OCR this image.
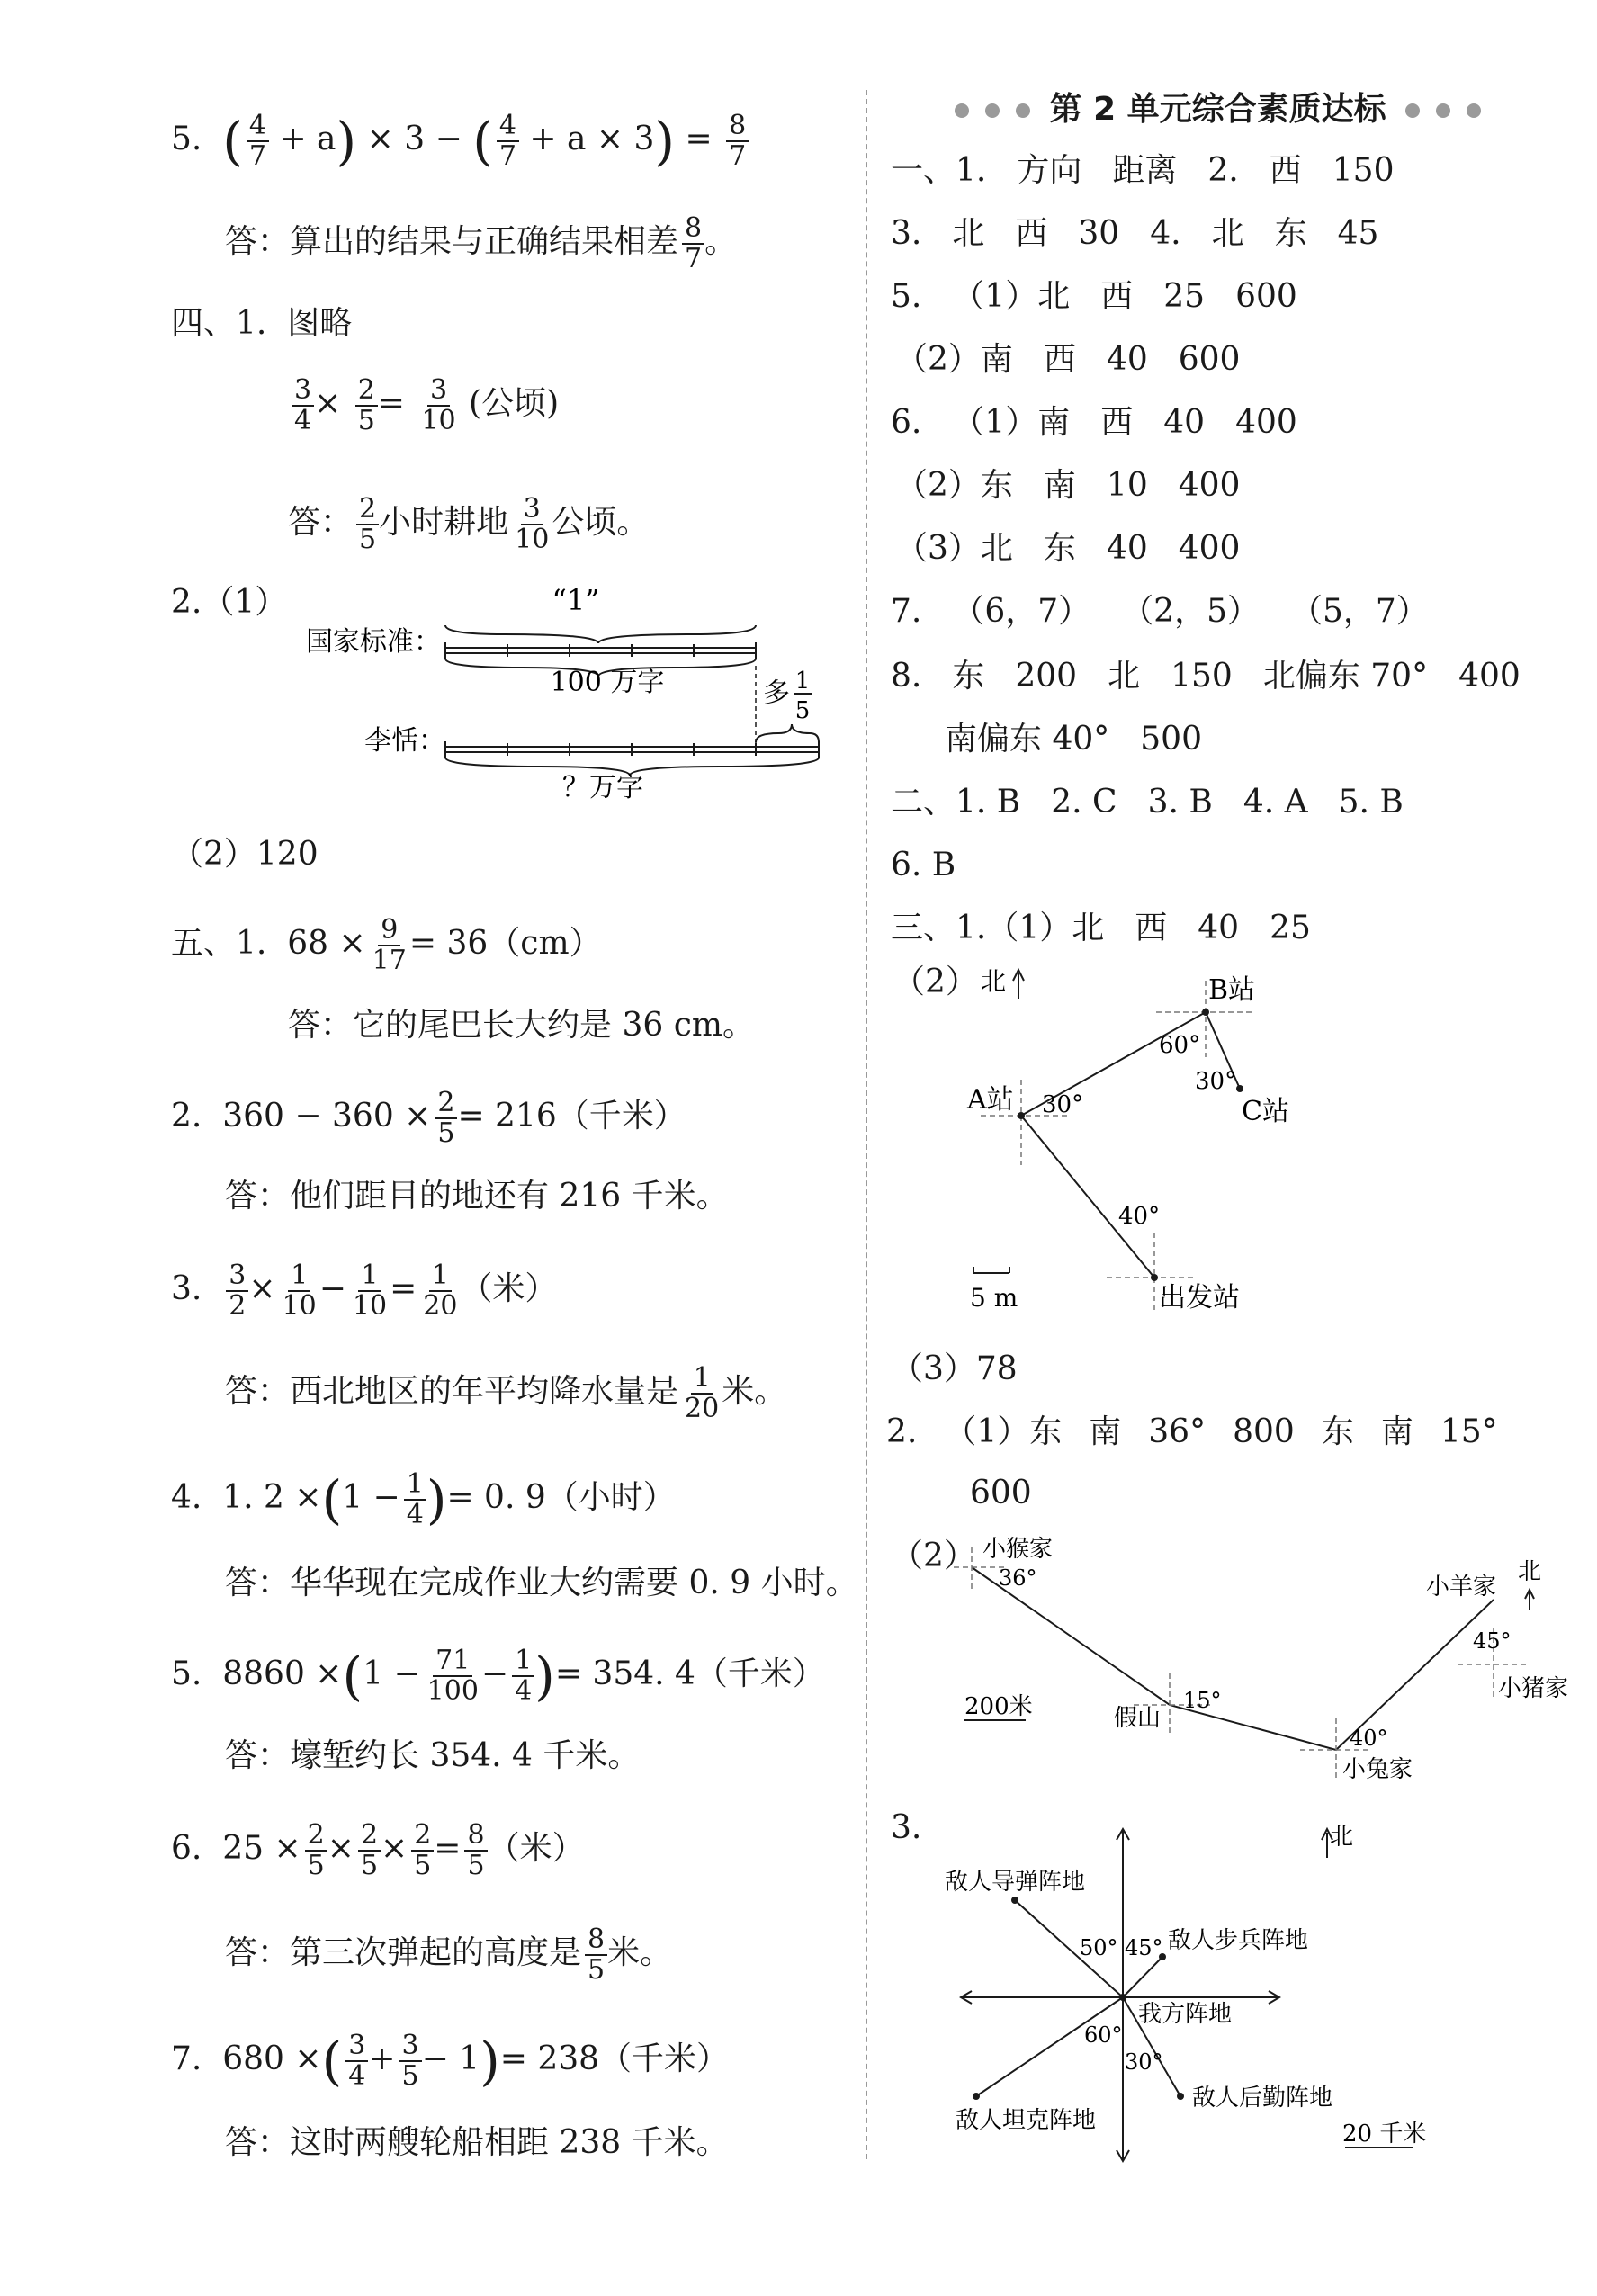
5. ( $\frac{4}{7} + a) \times 3$ − ( $\frac{4}{7} + a \times 3) = \frac{8}{7}$
答：算出的结果与正确结果相差 $\frac{8}{7}$ 。
四、1. 图略
$\frac{3}{4} \times \frac{2}{5} = \frac{3}{10}$ (公顷)
答： $\frac{2}{5}$ 小时耕地 $\frac{3}{10}$ 公顷。
2.（1）	“1”
国家标准：
100 万字	多 1
5
李恬：
？万字
（2）120
五、1. $68 \times \frac{9}{17} = 36(cm)$
答：它的尾巴长大约是 36 cm。
2. $360 - 360 \times \frac{2}{5} = 216$（千米）
答：他们距目的地还有 216 千米。
3. $\frac{3}{2} \times \frac{1}{10} - \frac{1}{10} = \frac{1}{20}$ （米）
答：西北地区的年平均降水量是 $\frac{1}{20}$ 米。
4. 1. $2 \times(1 - \frac{1}{4}$ )= 0. 9（小时）
答：华华现在完成作业大约需要 0. 9 小时。
5. $8860 \times(1 - \frac{71}{100} - \frac{1}{4}$ )= 354. 4（千米）
答：壕堑约长 354. 4 千米。
6. $25 \times \frac{2}{5} \times \frac{2}{5} \times \frac{2}{5} = \frac{8}{5}$ （米）
答：第三次弹起的高度是 $\frac{8}{5}$ 米。
7. 680 ×( $\frac{3}{4} + \frac{3}{5} - 1)= 238$（千米）
答：这时两艘轮船相距 238 千米。
第 2 单元综合素质达标
一、1. 方向 距离 2. 西 150
3. 北 西 30 4. 北 东 45
5. （1）北 西 25 600
（2）南 西 40 600
6. （1）南 西 40 400
（2）东 南 10 400
（3）北 东 40 400
7. （6，7） （2，5） （5，7）
8. 东 200 北 150 北偏东 70° 400
南偏东 40° 500
二、1. B 2. C 3. B 4. A 5. B
6. B
三、1.（1）北 西 40 25
（2） 北	B站
A站	C站
出发站
60°
30°
30°
40°
5 m
（3）78
2. （1）东 南 36° 800 东 南 15°
600
（2） 小猴家
36°	小羊家
北
45°
小猪家
假山
15°
40°
小兔家
200米
3.	北
敌人导弹阵地
敌人步兵阵地
我方阵地
50° 45°
60°
30°
敌人坦克阵地
敌人后勤阵地
20 千米
